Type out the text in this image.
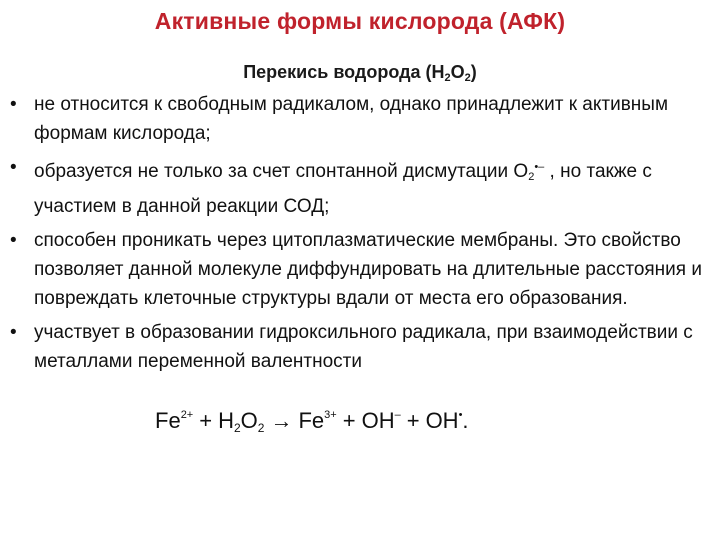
Активные формы кислорода (АФК)
Перекись водорода $(H_2O_2)$
• не относится к свободным радикалом, однако принадлежит к активным формам кислорода;
• образуется не только за счет спонтанной дисмутации O2•– , но также с участием в данной реакции СОД;
• способен проникать через цитоплазматические мембраны. Это свойство позволяет данной молекуле диффундировать на длительные расстояния и повреждать клеточные структуры вдали от места его образования.
• участвует в образовании гидроксильного радикала, при взаимодействии с металлами переменной валентности
$Fe^{2+} + H2O2 \to Fe^{3+} + OH^- + OH^•$.
